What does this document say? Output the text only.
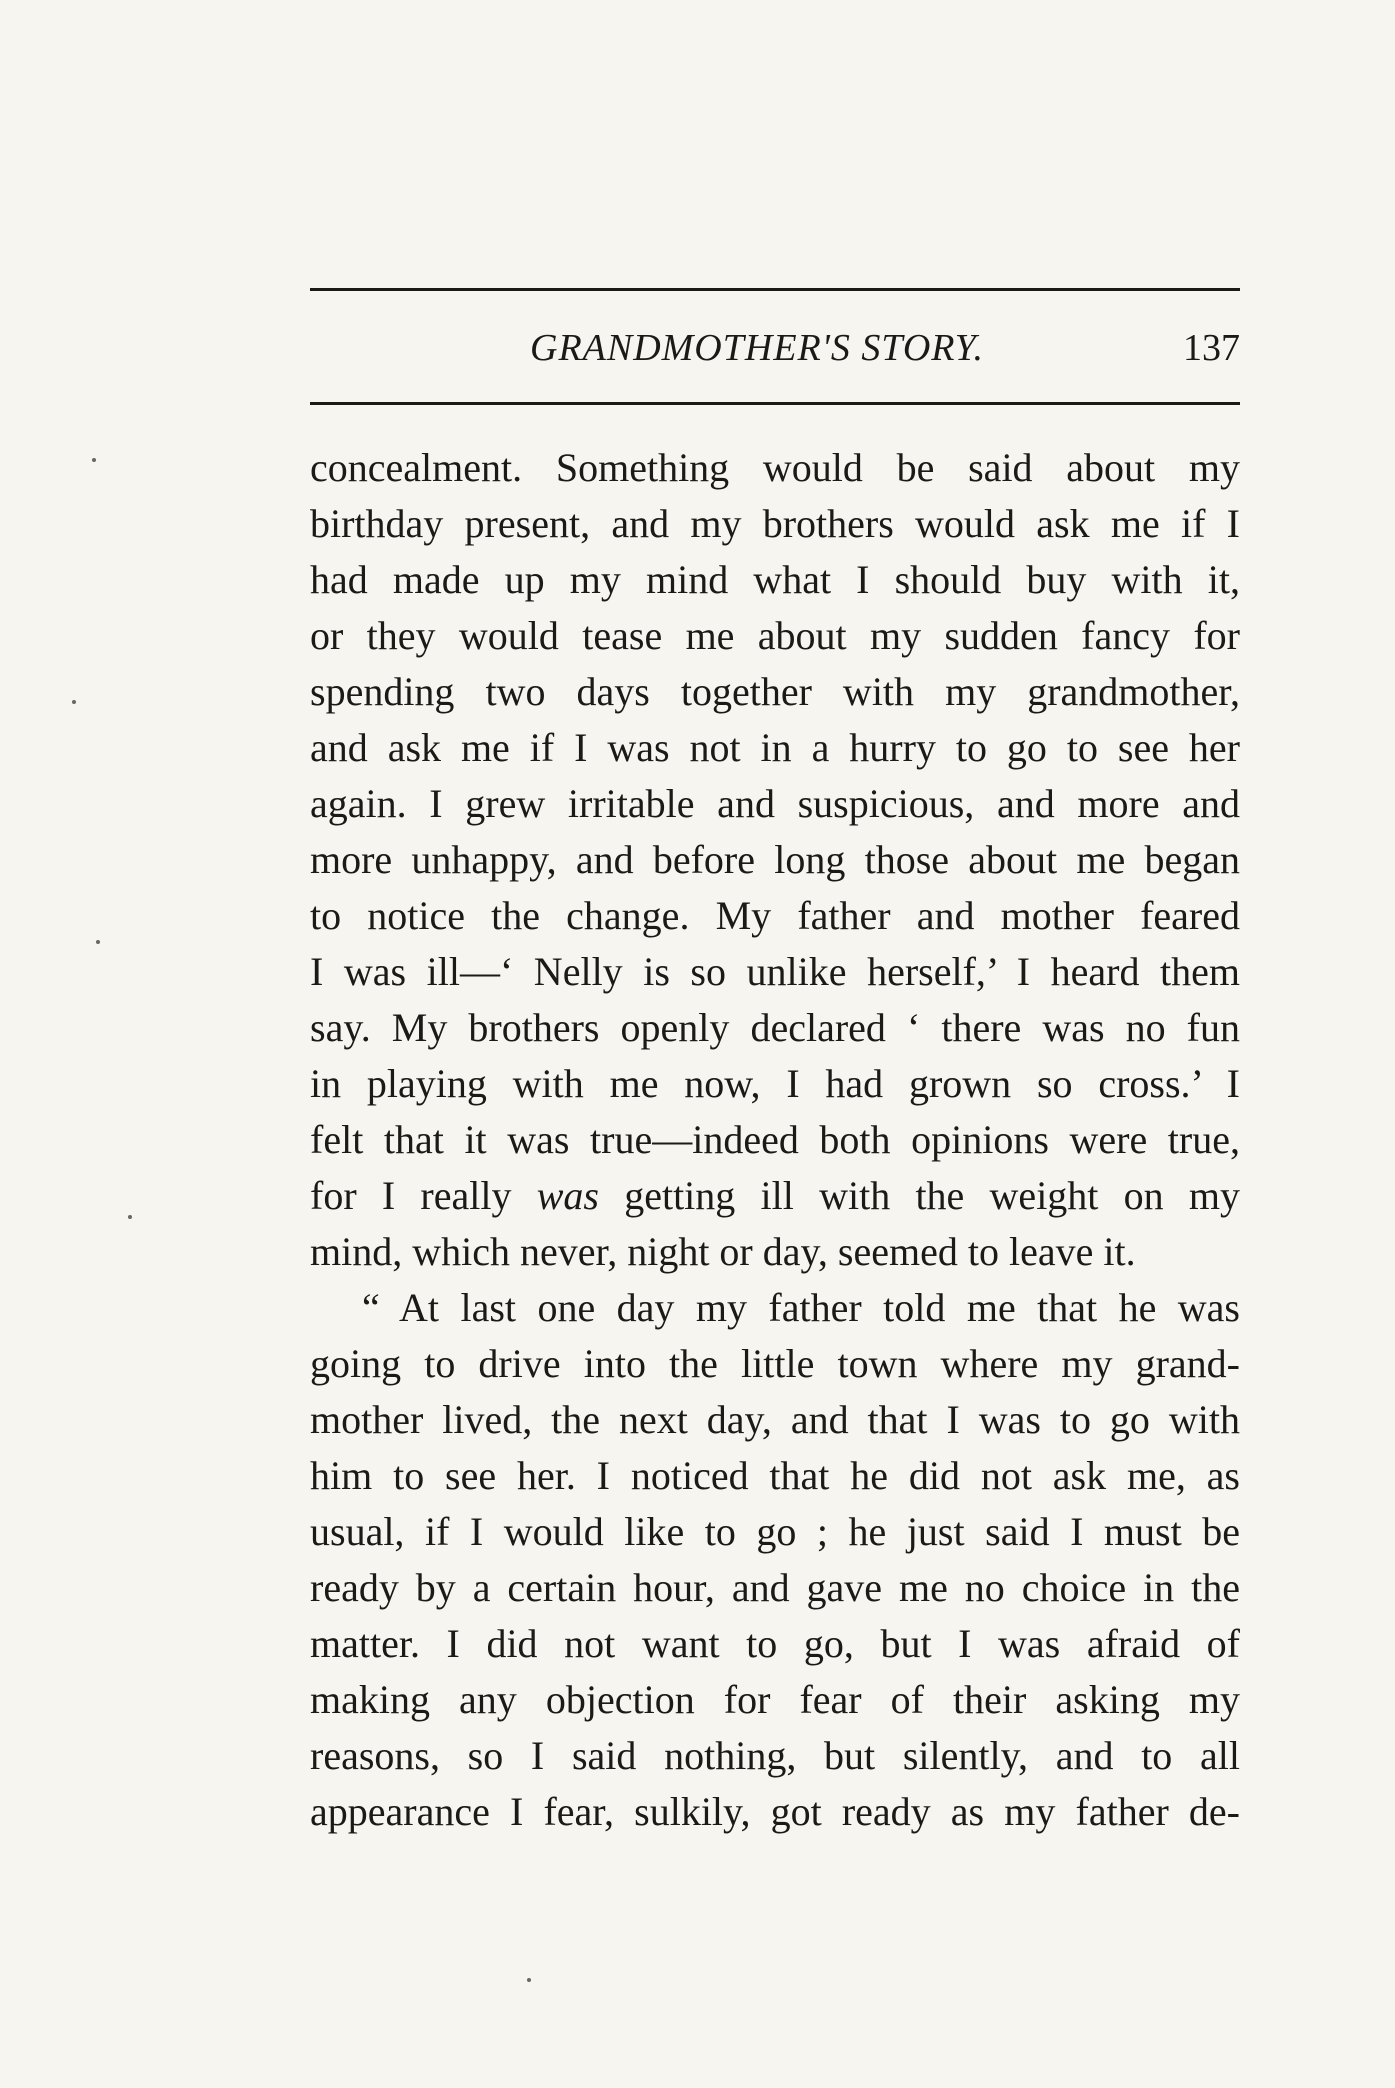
GRANDMOTHER'S STORY.	137
concealment. Something would be said about my
birthday present, and my brothers would ask me if I
had made up my mind what I should buy with it,
or they would tease me about my sudden fancy for
spending two days together with my grandmother,
and ask me if I was not in a hurry to go to see her
again. I grew irritable and suspicious, and more and
more unhappy, and before long those about me began
to notice the change. My father and mother feared
I was ill—‘ Nelly is so unlike herself,’ I heard them
say. My brothers openly declared ‘ there was no fun
in playing with me now, I had grown so cross.’ I
felt that it was true—indeed both opinions were true,
for I really was getting ill with the weight on my
mind, which never, night or day, seemed to leave it.
“ At last one day my father told me that he was
going to drive into the little town where my grand-
mother lived, the next day, and that I was to go with
him to see her. I noticed that he did not ask me, as
usual, if I would like to go ; he just said I must be
ready by a certain hour, and gave me no choice in the
matter. I did not want to go, but I was afraid of
making any objection for fear of their asking my
reasons, so I said nothing, but silently, and to all
appearance I fear, sulkily, got ready as my father de-
